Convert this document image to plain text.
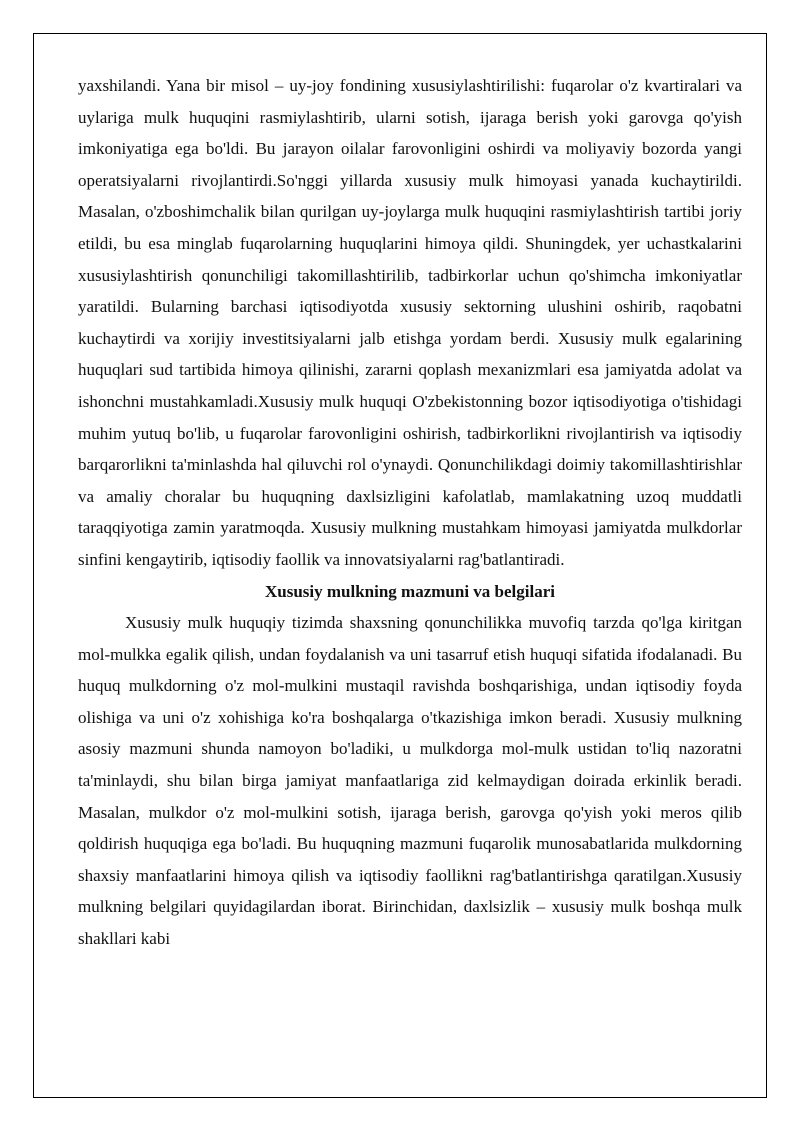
yaxshilandi. Yana bir misol – uy-joy fondining xususiylashtirilishi: fuqarolar o'z kvartiralari va uylariga mulk huquqini rasmiylashtirib, ularni sotish, ijaraga berish yoki garovga qo'yish imkoniyatiga ega bo'ldi. Bu jarayon oilalar farovonligini oshirdi va moliyaviy bozorda yangi operatsiyalarni rivojlantirdi.So'nggi yillarda xususiy mulk himoyasi yanada kuchaytirildi. Masalan, o'zboshimchalik bilan qurilgan uy-joylarga mulk huquqini rasmiylashtirish tartibi joriy etildi, bu esa minglab fuqarolarning huquqlarini himoya qildi. Shuningdek, yer uchastkalarini xususiylashtirish qonunchiligi takomillashtirilib, tadbirkorlar uchun qo'shimcha imkoniyatlar yaratildi. Bularning barchasi iqtisodiyotda xususiy sektorning ulushini oshirib, raqobatni kuchaytirdi va xorijiy investitsiyalarni jalb etishga yordam berdi. Xususiy mulk egalarining huquqlari sud tartibida himoya qilinishi, zararni qoplash mexanizmlari esa jamiyatda adolat va ishonchni mustahkamladi.Xususiy mulk huquqi O'zbekistonning bozor iqtisodiyotiga o'tishidagi muhim yutuq bo'lib, u fuqarolar farovonligini oshirish, tadbirkorlikni rivojlantirish va iqtisodiy barqarorlikni ta'minlashda hal qiluvchi rol o'ynaydi. Qonunchilikdagi doimiy takomillashtirishlar va amaliy choralar bu huquqning daxlsizligini kafolatlab, mamlakatning uzoq muddatli taraqqiyotiga zamin yaratmoqda. Xususiy mulkning mustahkam himoyasi jamiyatda mulkdorlar sinfini kengaytirib, iqtisodiy faollik va innovatsiyalarni rag'batlantiradi.

Xususiy mulkning mazmuni va belgilari

Xususiy mulk huquqiy tizimda shaxsning qonunchilikka muvofiq tarzda qo'lga kiritgan mol-mulkka egalik qilish, undan foydalanish va uni tasarruf etish huquqi sifatida ifodalanadi. Bu huquq mulkdorning o'z mol-mulkini mustaqil ravishda boshqarishiga, undan iqtisodiy foyda olishiga va uni o'z xohishiga ko'ra boshqalarga o'tkazishiga imkon beradi. Xususiy mulkning asosiy mazmuni shunda namoyon bo'ladiki, u mulkdorga mol-mulk ustidan to'liq nazoratni ta'minlaydi, shu bilan birga jamiyat manfaatlariga zid kelmaydigan doirada erkinlik beradi. Masalan, mulkdor o'z mol-mulkini sotish, ijaraga berish, garovga qo'yish yoki meros qilib qoldirish huquqiga ega bo'ladi. Bu huquqning mazmuni fuqarolik munosabatlarida mulkdorning shaxsiy manfaatlarini himoya qilish va iqtisodiy faollikni rag'batlantirishga qaratilgan.Xususiy mulkning belgilari quyidagilardan iborat. Birinchidan, daxlsizlik – xususiy mulk boshqa mulk shakllari kabi
